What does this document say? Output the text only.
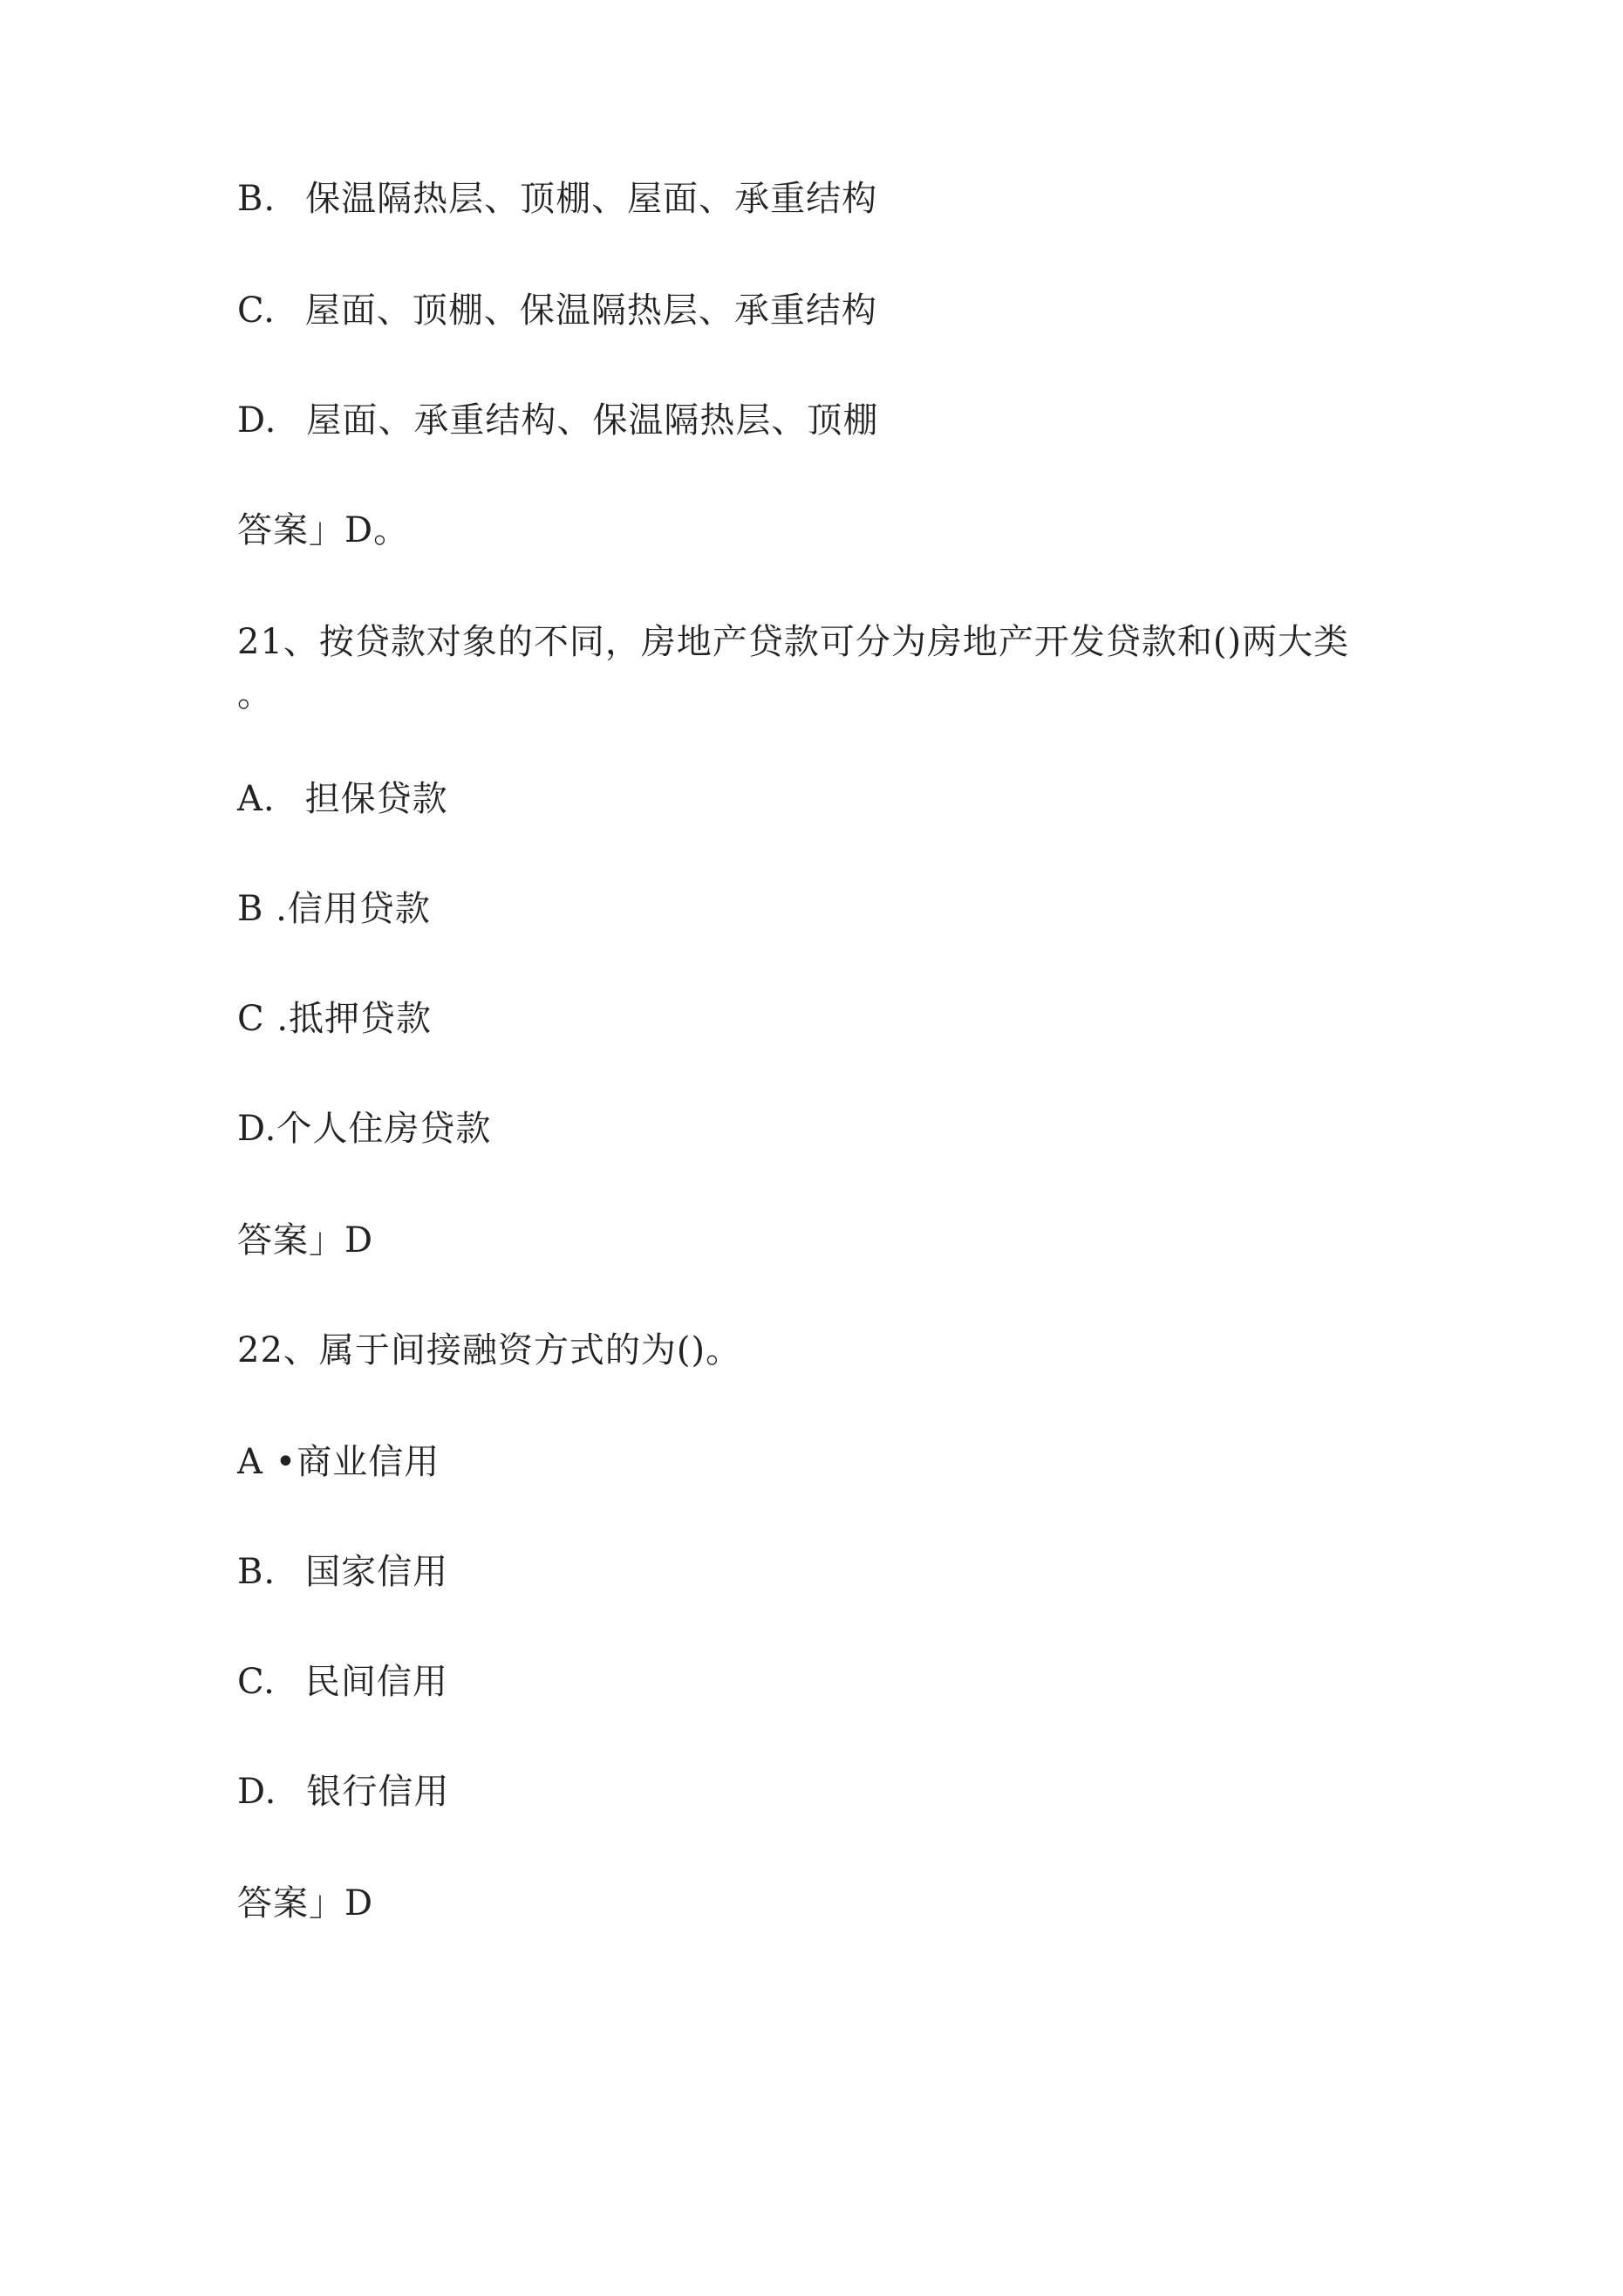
B. 保温隔热层、顶棚、屋面、承重结构
C. 屋面、顶棚、保温隔热层、承重结构
D. 屋面、承重结构、保温隔热层、顶棚
答案」D。
21、按贷款对象的不同，房地产贷款可分为房地产开发贷款和()两大类
。
A. 担保贷款
B .信用贷款
C .抵押贷款
D.个人住房贷款
答案」D
22、属于间接融资方式的为()。
A •商业信用
B. 国家信用
C. 民间信用
D. 银行信用
答案」D
